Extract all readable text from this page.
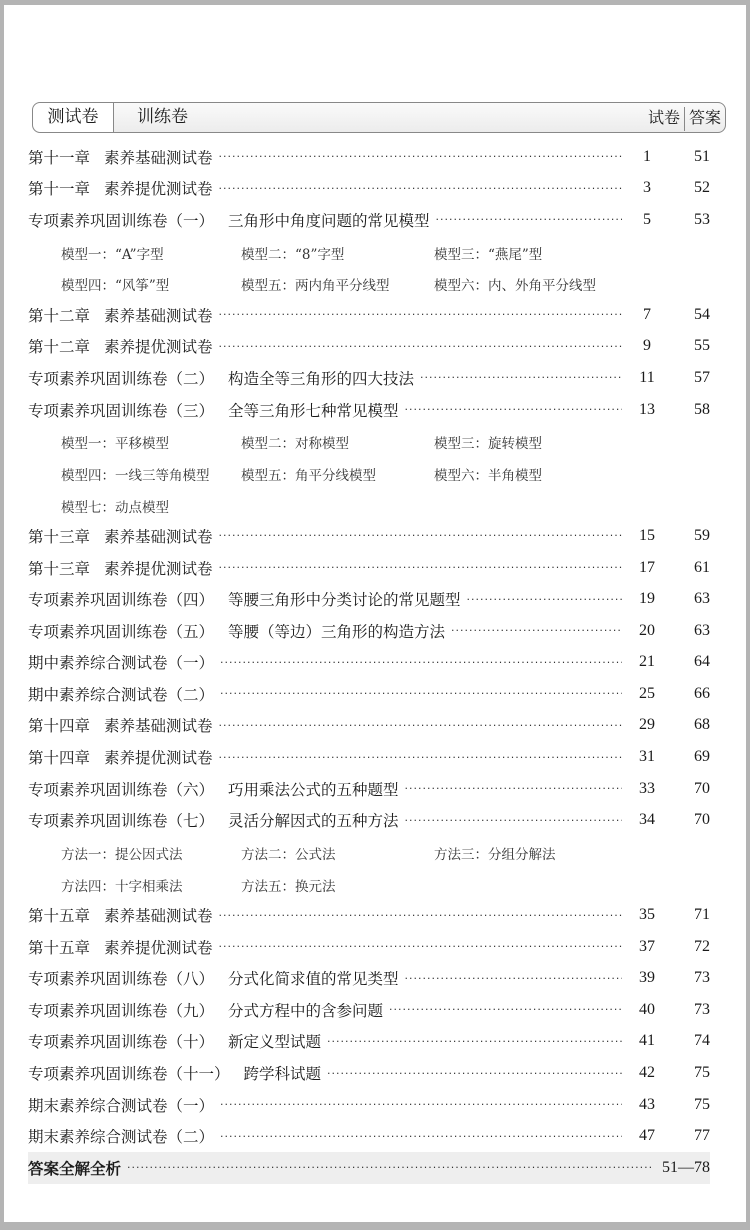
测试卷	训练卷	试卷 答案
第十一章 素养基础测试卷 ·····	1	51
第十一章 素养提优测试卷 ·····	3	52
专项素养巩固训练卷（一） 三角形中角度问题的常见模型 ·····	5	53
模型一：“A”字型	模型二：“8”字型	模型三：“燕尾”型
模型四：“风筝”型	模型五：两内角平分线型	模型六：内、外角平分线型
第十二章 素养基础测试卷 ·····	7	54
第十二章 素养提优测试卷 ·····	9	55
专项素养巩固训练卷（二） 构造全等三角形的四大技法 ·····	11	57
专项素养巩固训练卷（三） 全等三角形七种常见模型 ·····	13	58
模型一：平移模型	模型二：对称模型	模型三：旋转模型
模型四：一线三等角模型 模型五：角平分线模型	模型六：半角模型
模型七：动点模型
第十三章 素养基础测试卷 ·····	15	59
第十三章 素养提优测试卷 ·····	17	61
专项素养巩固训练卷（四） 等腰三角形中分类讨论的常见题型 ·····	19	63
专项素养巩固训练卷（五） 等腰（等边）三角形的构造方法 ·····	20	63
期中素养综合测试卷（一） ·····	21	64
期中素养综合测试卷（二） ·····	25	66
第十四章 素养基础测试卷 ·····	29	68
第十四章 素养提优测试卷 ·····	31	69
专项素养巩固训练卷（六） 巧用乘法公式的五种题型 ·····	33	70
专项素养巩固训练卷（七） 灵活分解因式的五种方法 ·····	34	70
方法一：提公因式法	方法二：公式法	方法三：分组分解法
方法四：十字相乘法	方法五：换元法
第十五章 素养基础测试卷 ·····	35	71
第十五章 素养提优测试卷 ·····	37	72
专项素养巩固训练卷（八） 分式化简求值的常见类型 ·····	39	73
专项素养巩固训练卷（九） 分式方程中的含参问题 ·····	40	73
专项素养巩固训练卷（十） 新定义型试题 ·····	41	74
专项素养巩固训练卷（十一） 跨学科试题 ·····	42	75
期末素养综合测试卷（一） ·····	43	75
期末素养综合测试卷（二） ·····	47	77
答案全解全析 ·····	51—78
